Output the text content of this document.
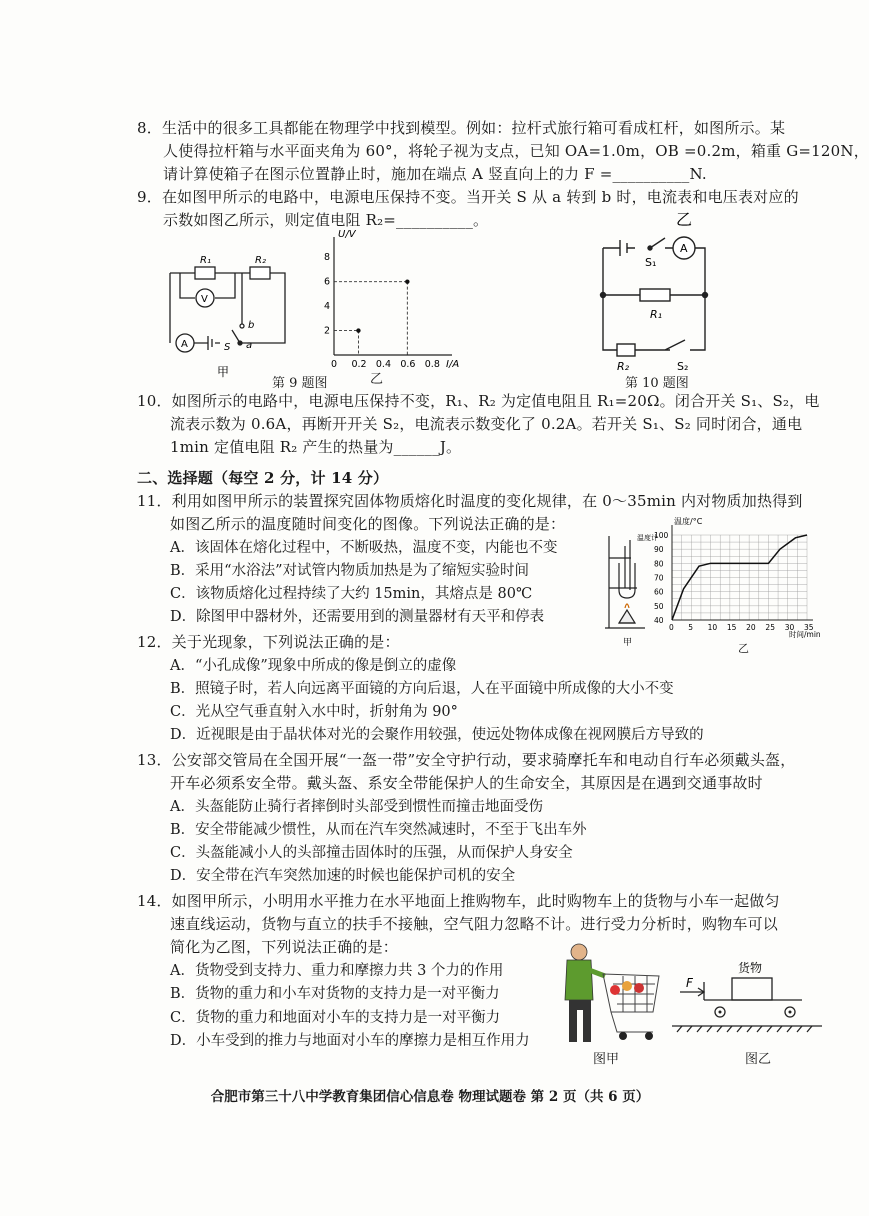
8．生活中的很多工具都能在物理学中找到模型。例如：拉杆式旅行箱可看成杠杆，如图所示。某
人使得拉杆箱与水平面夹角为 60°，将轮子视为支点，已知 OA=1.0m，OB =0.2m，箱重 G=120N，
请计算使箱子在图示位置静止时，施加在端点 A 竖直向上的力 F =__________N.
9．在如图甲所示的电路中，电源电压保持不变。当开关 S 从 a 转到 b 时，电流表和电压表对应的
示数如图乙所示，则定值电阻 R₂=__________。
R₁	R₂
V
A	S a
b
甲
乙
U/V
I/A
0 0.2 0.4 0.6 0.8
2
4
6
8
第 9 题图	乙
A
S₁
R₁
R₂	S₂
第 10 题图
10．如图所示的电路中，电源电压保持不变，R₁、R₂ 为定值电阻且 R₁=20Ω。闭合开关 S₁、S₂，电
流表示数为 0.6A，再断开开关 S₂，电流表示数变化了 0.2A。若开关 S₁、S₂ 同时闭合，通电
1min 定值电阻 R₂ 产生的热量为______J。
二、选择题（每空 2 分，计 14 分）
11．利用如图甲所示的装置探究固体物质熔化时温度的变化规律，在 0～35min 内对物质加热得到
如图乙所示的温度随时间变化的图像。下列说法正确的是：
A．该固体在熔化过程中，不断吸热，温度不变，内能也不变
B．采用“水浴法”对试管内物质加热是为了缩短实验时间
C．该物质熔化过程持续了大约 15min，其熔点是 80℃
D．除图甲中器材外，还需要用到的测量器材有天平和停表
温度计
甲
温度/°C
时间/min
0 5 10 15 20 25 30 35
40
50
60
70
80
90
100
乙
12．关于光现象，下列说法正确的是：
A．“小孔成像”现象中所成的像是倒立的虚像
B．照镜子时，若人向远离平面镜的方向后退，人在平面镜中所成像的大小不变
C．光从空气垂直射入水中时，折射角为 90°
D．近视眼是由于晶状体对光的会聚作用较强，使远处物体成像在视网膜后方导致的
13．公安部交管局在全国开展“一盔一带”安全守护行动，要求骑摩托车和电动自行车必须戴头盔，
开车必须系安全带。戴头盔、系安全带能保护人的生命安全，其原因是在遇到交通事故时
A．头盔能防止骑行者摔倒时头部受到惯性而撞击地面受伤
B．安全带能减少惯性，从而在汽车突然减速时，不至于飞出车外
C．头盔能减小人的头部撞击固体时的压强，从而保护人身安全
D．安全带在汽车突然加速的时候也能保护司机的安全
14．如图甲所示，小明用水平推力在水平地面上推购物车，此时购物车上的货物与小车一起做匀
速直线运动，货物与直立的扶手不接触，空气阻力忽略不计。进行受力分析时，购物车可以
简化为乙图，下列说法正确的是：
A．货物受到支持力、重力和摩擦力共 3 个力的作用
B．货物的重力和小车对货物的支持力是一对平衡力
C．货物的重力和地面对小车的支持力是一对平衡力
D．小车受到的推力与地面对小车的摩擦力是相互作用力
图甲
F
货物
图乙
合肥市第三十八中学教育集团信心信息卷 物理试题卷 第 2 页（共 6 页）
